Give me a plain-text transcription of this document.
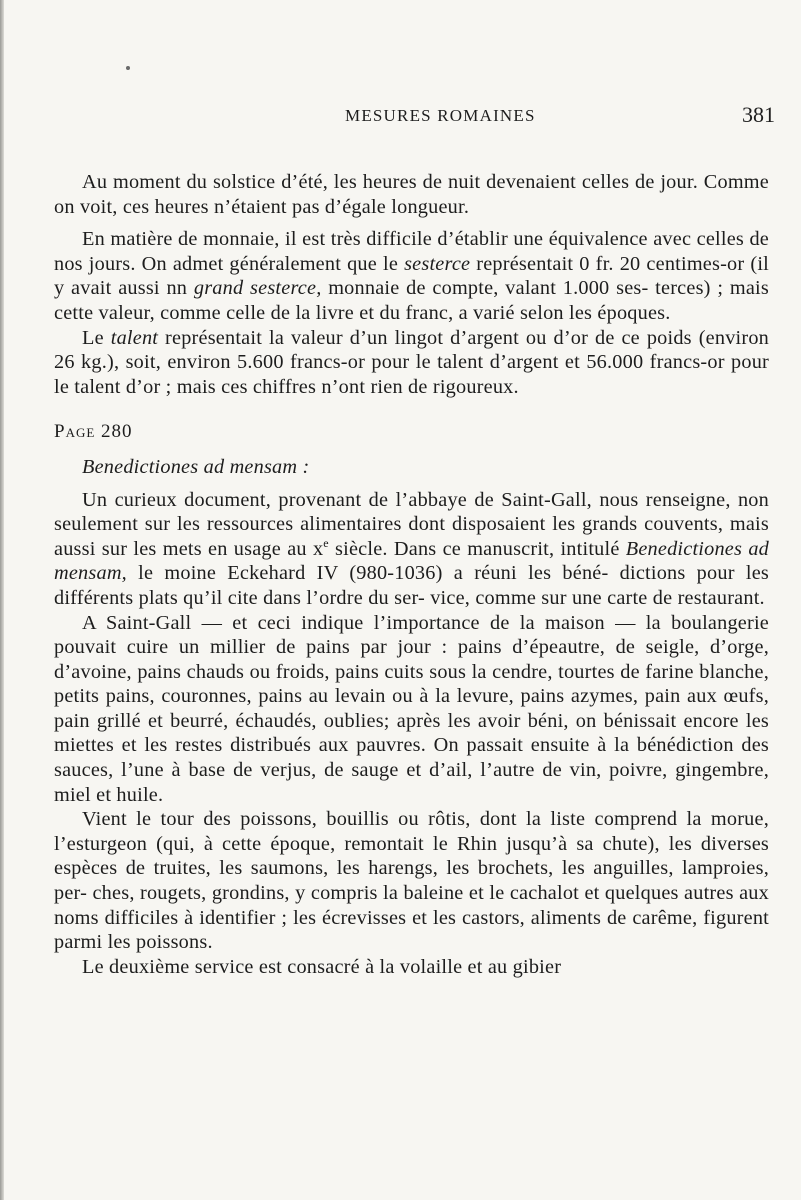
MESURES ROMAINES	381

Au moment du solstice d’été, les heures de nuit devenaient celles de jour. Comme on voit, ces heures n’étaient pas d’égale longueur.

En matière de monnaie, il est très difficile d’établir une équivalence avec celles de nos jours. On admet généralement que le sesterce représentait 0 fr. 20 centimes-or (il y avait aussi nn grand sesterce, monnaie de compte, valant 1.000 ses- terces) ; mais cette valeur, comme celle de la livre et du franc, a varié selon les époques.

Le talent représentait la valeur d’un lingot d’argent ou d’or de ce poids (environ 26 kg.), soit, environ 5.600 francs-or pour le talent d’argent et 56.000 francs-or pour le talent d’or ; mais ces chiffres n’ont rien de rigoureux.

Page 280
Benedictiones ad mensam :

Un curieux document, provenant de l’abbaye de Saint-Gall, nous renseigne, non seulement sur les ressources alimentaires dont disposaient les grands couvents, mais aussi sur les mets en usage au $x^e$ siècle. Dans ce manuscrit, intitulé Benedictiones ad mensam, le moine Eckehard IV (980-1036) a réuni les béné- dictions pour les différents plats qu’il cite dans l’ordre du ser- vice, comme sur une carte de restaurant.

A Saint-Gall — et ceci indique l’importance de la maison — la boulangerie pouvait cuire un millier de pains par jour : pains d’épeautre, de seigle, d’orge, d’avoine, pains chauds ou froids, pains cuits sous la cendre, tourtes de farine blanche, petits pains, couronnes, pains au levain ou à la levure, pains azymes, pain aux œufs, pain grillé et beurré, échaudés, oublies; après les avoir béni, on bénissait encore les miettes et les restes distribués aux pauvres. On passait ensuite à la bénédiction des sauces, l’une à base de verjus, de sauge et d’ail, l’autre de vin, poivre, gingembre, miel et huile.

Vient le tour des poissons, bouillis ou rôtis, dont la liste comprend la morue, l’esturgeon (qui, à cette époque, remontait le Rhin jusqu’à sa chute), les diverses espèces de truites, les saumons, les harengs, les brochets, les anguilles, lamproies, per- ches, rougets, grondins, y compris la baleine et le cachalot et quelques autres aux noms difficiles à identifier ; les écrevisses et les castors, aliments de carême, figurent parmi les poissons.

Le deuxième service est consacré à la volaille et au gibier
